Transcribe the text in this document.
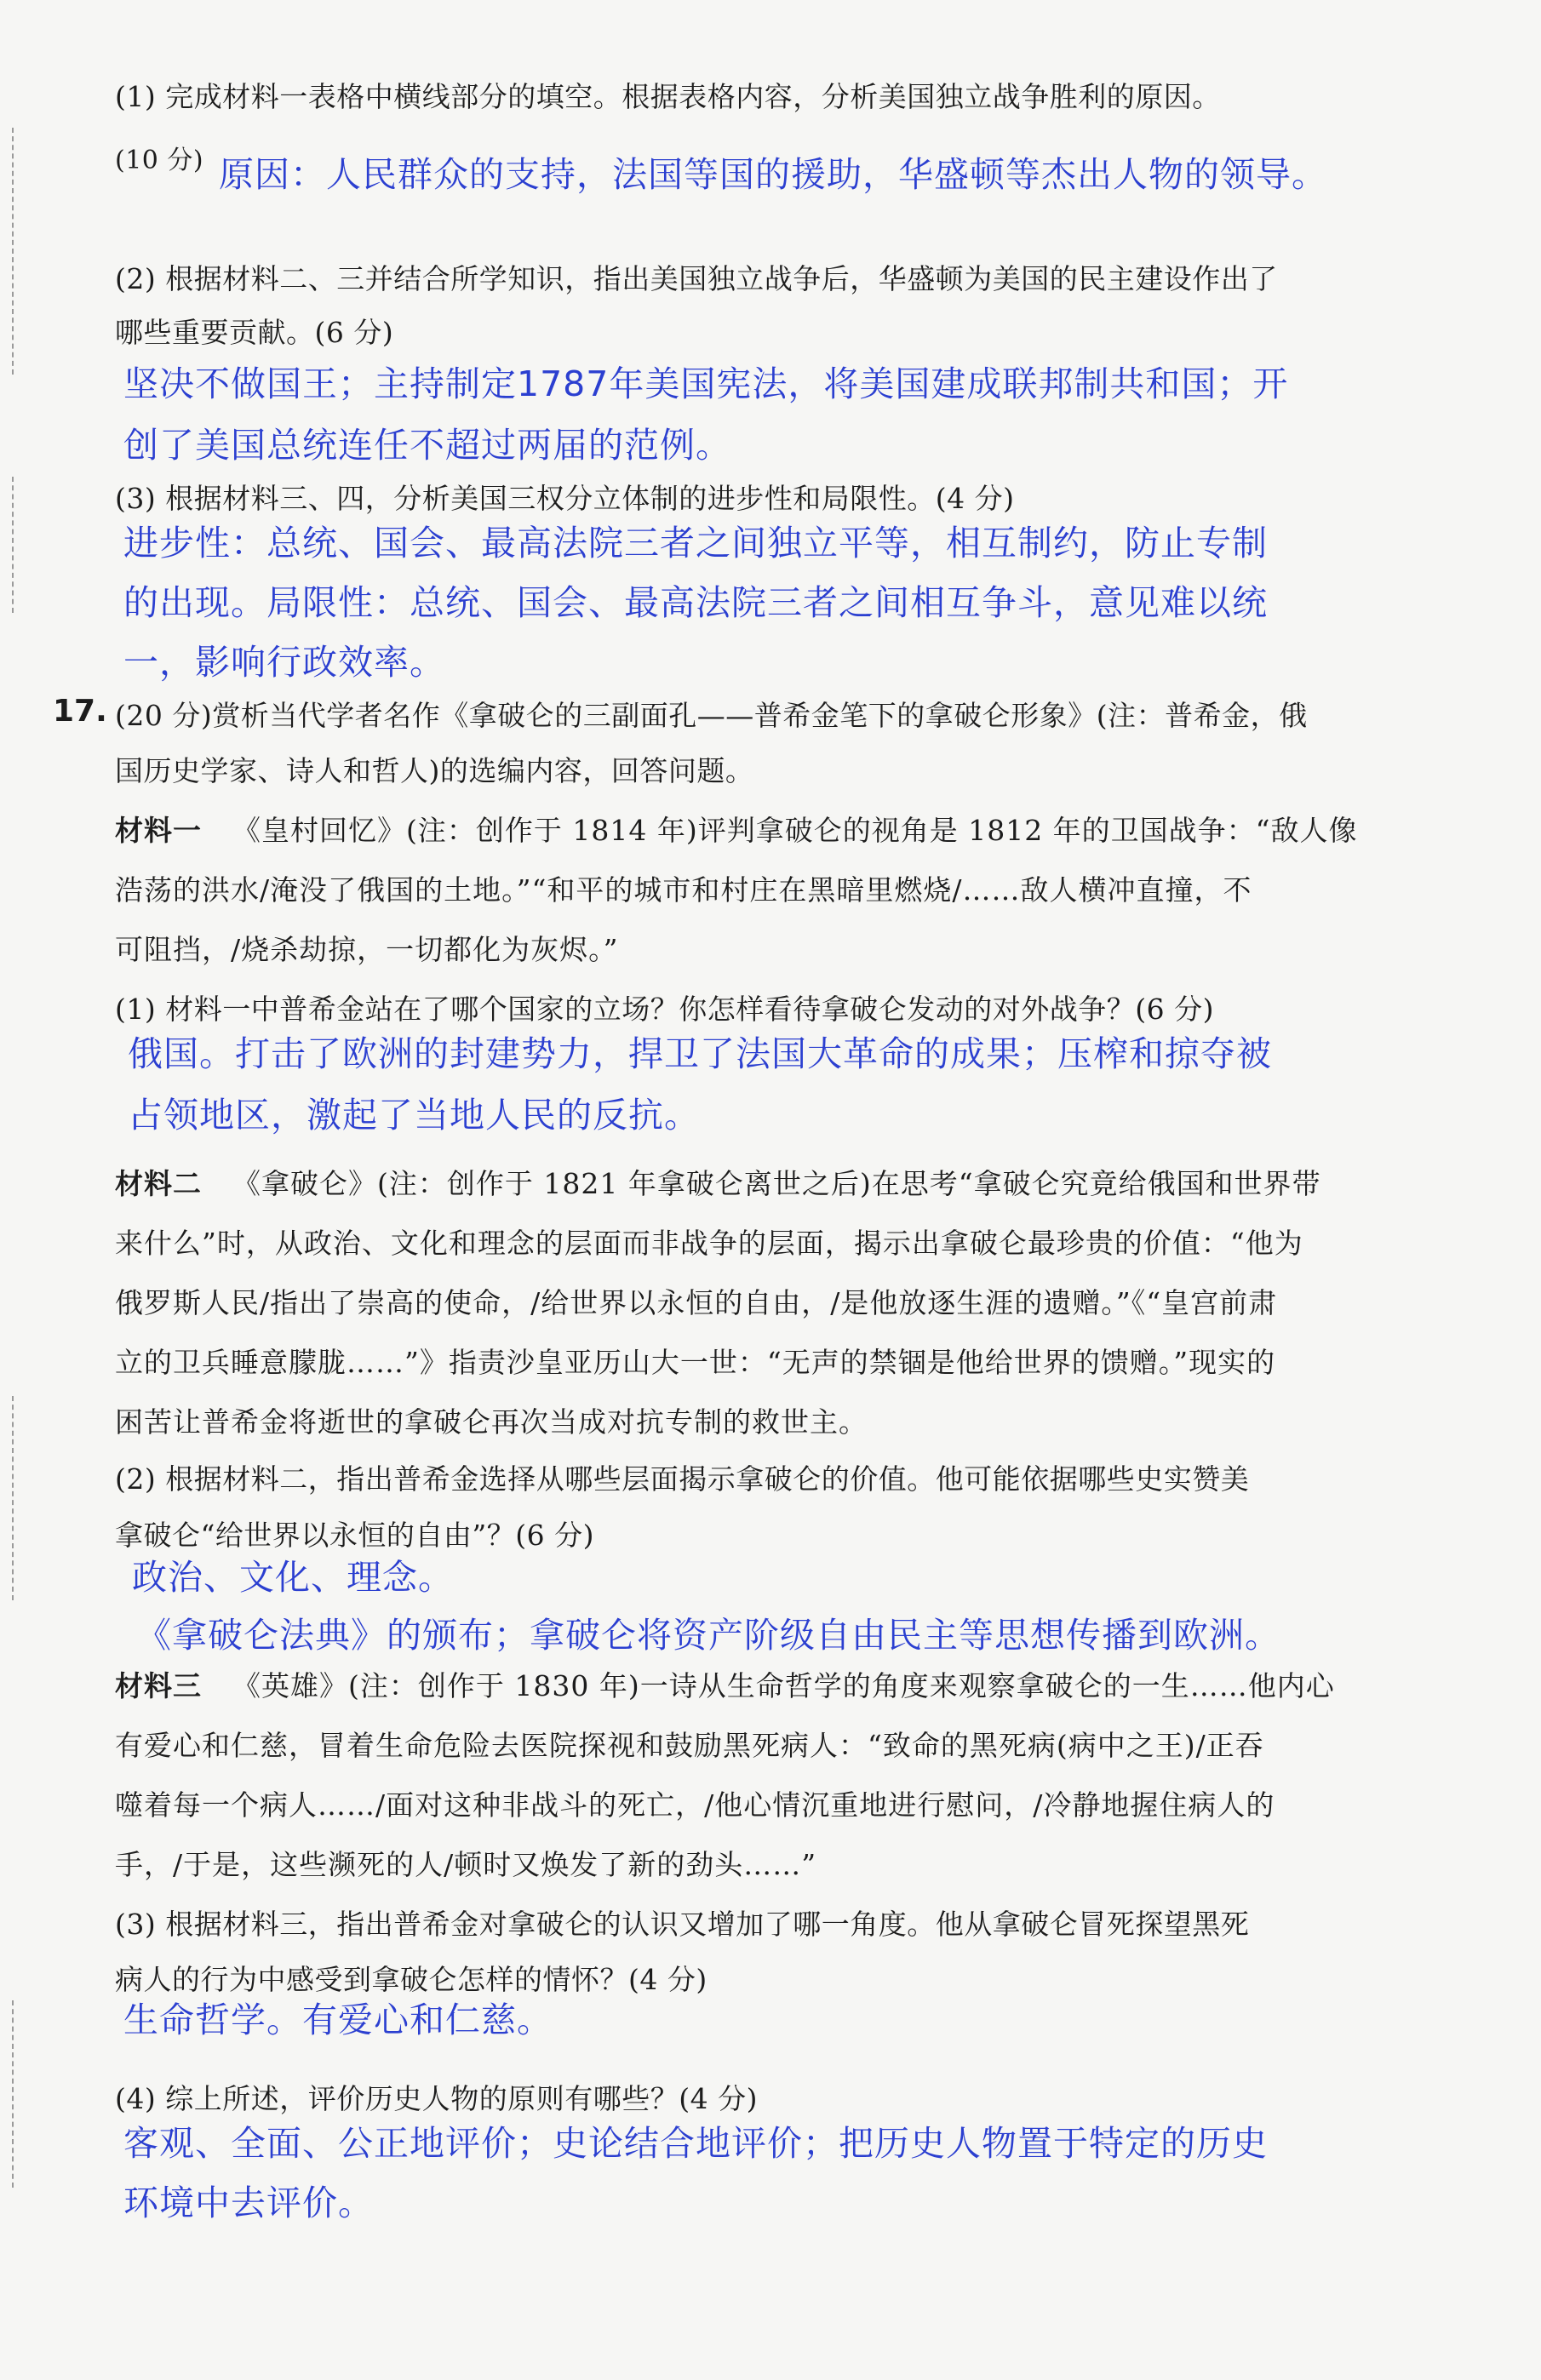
(1) 完成材料一表格中横线部分的填空。根据表格内容，分析美国独立战争胜利的原因。
(10 分) 原因：人民群众的支持，法国等国的援助，华盛顿等杰出人物的领导。
(2) 根据材料二、三并结合所学知识，指出美国独立战争后，华盛顿为美国的民主建设作出了
哪些重要贡献。(6 分)
坚决不做国王；主持制定1787年美国宪法，将美国建成联邦制共和国；开
创了美国总统连任不超过两届的范例。
(3) 根据材料三、四，分析美国三权分立体制的进步性和局限性。(4 分)
进步性：总统、国会、最高法院三者之间独立平等，相互制约，防止专制
的出现。局限性：总统、国会、最高法院三者之间相互争斗，意见难以统
一，影响行政效率。
17. (20 分)赏析当代学者名作《拿破仑的三副面孔——普希金笔下的拿破仑形象》(注：普希金，俄
国历史学家、诗人和哲人)的选编内容，回答问题。
材料一 《皇村回忆》(注：创作于 1814 年)评判拿破仑的视角是 1812 年的卫国战争：“敌人像
浩荡的洪水/淹没了俄国的土地。”“和平的城市和村庄在黑暗里燃烧/……敌人横冲直撞，不
可阻挡，/烧杀劫掠，一切都化为灰烬。”
(1) 材料一中普希金站在了哪个国家的立场？你怎样看待拿破仑发动的对外战争？(6 分)
俄国。打击了欧洲的封建势力，捍卫了法国大革命的成果；压榨和掠夺被
占领地区，激起了当地人民的反抗。
材料二 《拿破仑》(注：创作于 1821 年拿破仑离世之后)在思考“拿破仑究竟给俄国和世界带
来什么”时，从政治、文化和理念的层面而非战争的层面，揭示出拿破仑最珍贵的价值：“他为
俄罗斯人民/指出了崇高的使命，/给世界以永恒的自由，/是他放逐生涯的遗赠。”《“皇宫前肃
立的卫兵睡意朦胧……”》指责沙皇亚历山大一世：“无声的禁锢是他给世界的馈赠。”现实的
困苦让普希金将逝世的拿破仑再次当成对抗专制的救世主。
(2) 根据材料二，指出普希金选择从哪些层面揭示拿破仑的价值。他可能依据哪些史实赞美
拿破仑“给世界以永恒的自由”？(6 分)
政治、文化、理念。
《拿破仑法典》的颁布；拿破仑将资产阶级自由民主等思想传播到欧洲。
材料三 《英雄》(注：创作于 1830 年)一诗从生命哲学的角度来观察拿破仑的一生……他内心
有爱心和仁慈，冒着生命危险去医院探视和鼓励黑死病人：“致命的黑死病(病中之王)/正吞
噬着每一个病人……/面对这种非战斗的死亡，/他心情沉重地进行慰问，/冷静地握住病人的
手，/于是，这些濒死的人/顿时又焕发了新的劲头……”
(3) 根据材料三，指出普希金对拿破仑的认识又增加了哪一角度。他从拿破仑冒死探望黑死
病人的行为中感受到拿破仑怎样的情怀？(4 分)
生命哲学。有爱心和仁慈。
(4) 综上所述，评价历史人物的原则有哪些？(4 分)
客观、全面、公正地评价；史论结合地评价；把历史人物置于特定的历史
环境中去评价。
